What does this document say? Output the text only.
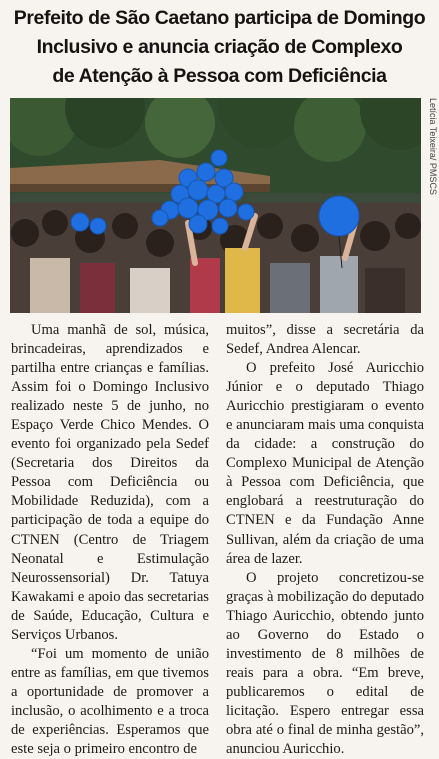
Prefeito de São Caetano participa de Domingo
Inclusivo e anuncia criação de Complexo
de Atenção à Pessoa com Deficiência
Letícia Teixeira/ PMSCS

Uma manhã de sol, música, brincadeiras, aprendizados e partilha entre crianças e famílias. Assim foi o Domingo Inclusivo realizado neste 5 de junho, no Espaço Verde Chico Mendes. O evento foi organizado pela Sedef (Secretaria dos Direitos da Pessoa com Deficiência ou Mobilidade Reduzida), com a participação de toda a equipe do CTNEN (Centro de Triagem Neonatal e Estimulação Neurossensorial) Dr. Tatuya Kawakami e apoio das secretarias de Saúde, Educação, Cultura e Serviços Urbanos.

“Foi um momento de união entre as famílias, em que tivemos a oportunidade de promover a inclusão, o acolhimento e a troca de experiências. Esperamos que este seja o primeiro encontro de

muitos”, disse a secretária da Sedef, Andrea Alencar.

O prefeito José Auricchio Júnior e o deputado Thiago Auricchio prestigiaram o evento e anunciaram mais uma conquista da cidade: a construção do Complexo Municipal de Atenção à Pessoa com Deficiência, que englobará a reestruturação do CTNEN e da Fundação Anne Sullivan, além da criação de uma área de lazer.

O projeto concretizou-se graças à mobilização do deputado Thiago Auricchio, obtendo junto ao Governo do Estado o investimento de 8 milhões de reais para a obra. “Em breve, publicaremos o edital de licitação. Espero entregar essa obra até o final de minha gestão”, anunciou Auricchio.
